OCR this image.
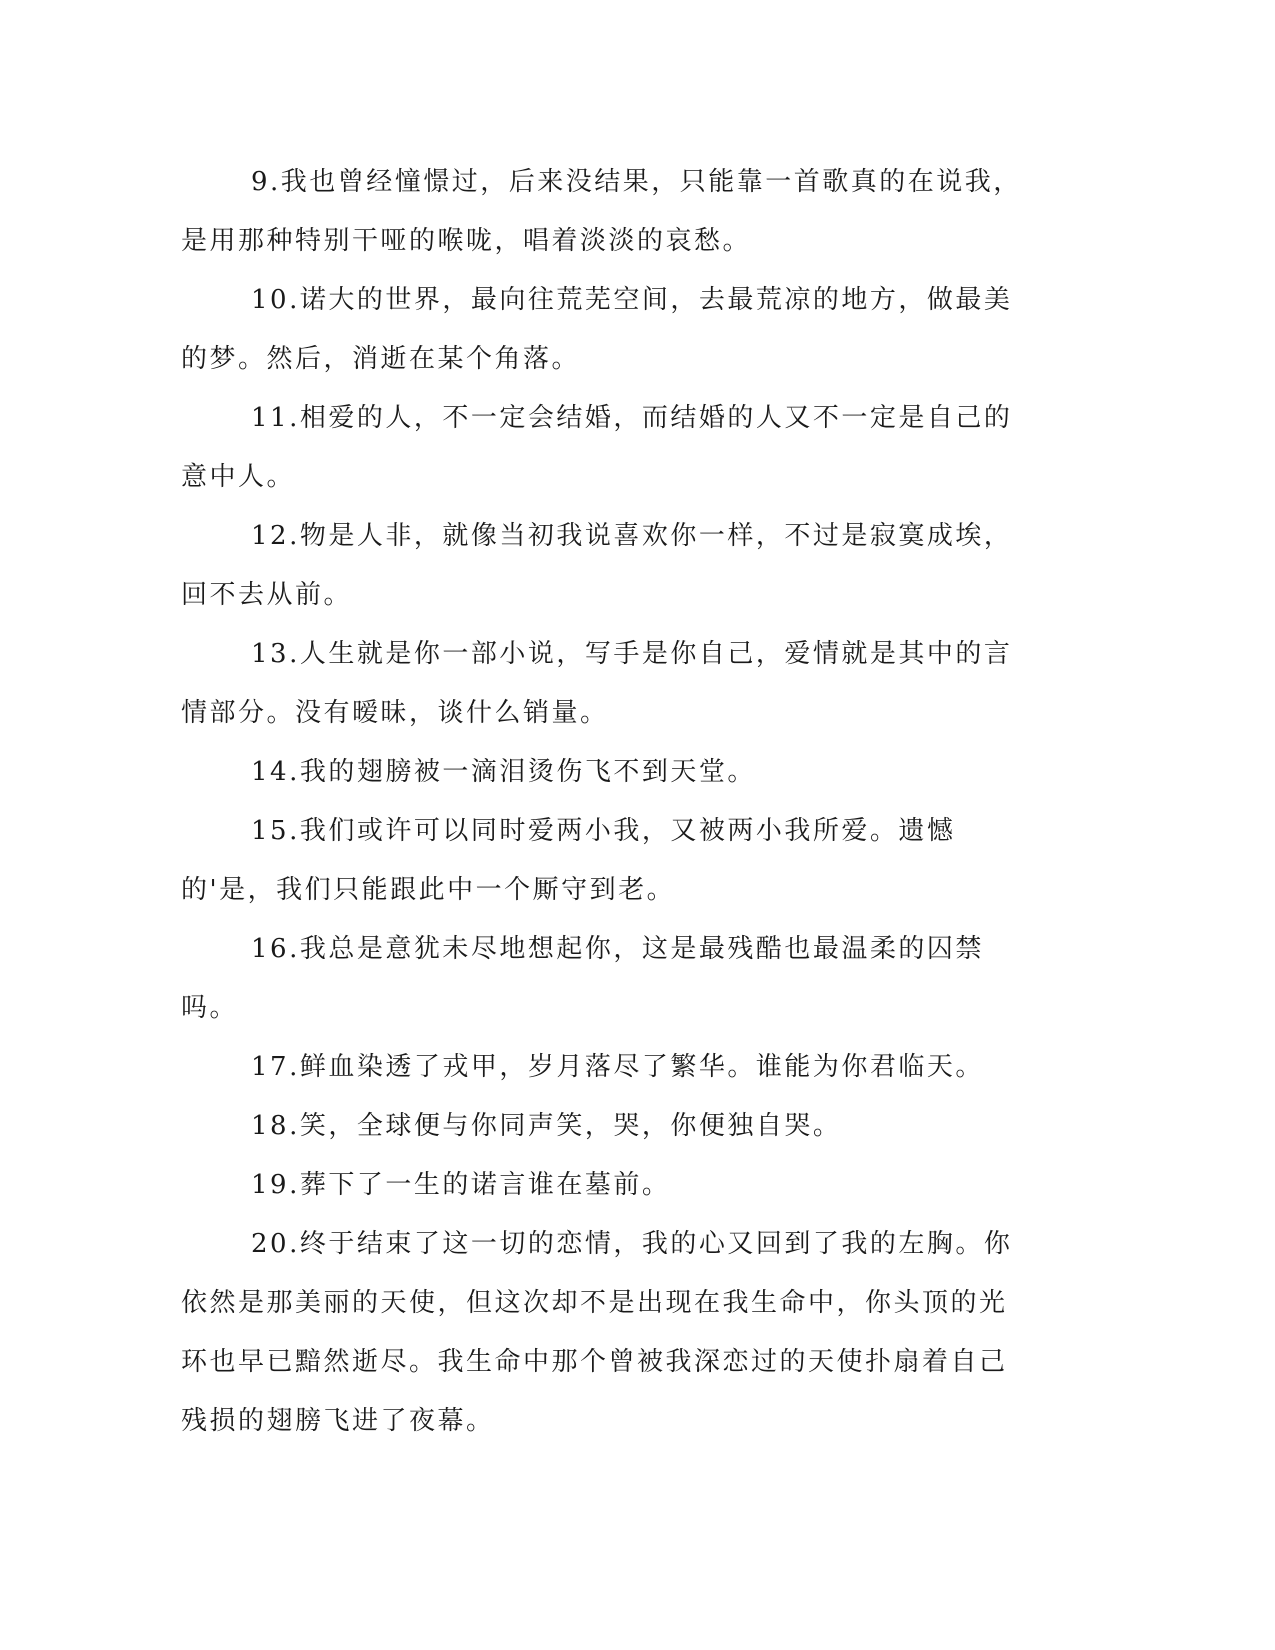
9.我也曾经憧憬过，后来没结果，只能靠一首歌真的在说我，是用那种特别干哑的喉咙，唱着淡淡的哀愁。

10.诺大的世界，最向往荒芜空间，去最荒凉的地方，做最美的梦。然后，消逝在某个角落。

11.相爱的人，不一定会结婚，而结婚的人又不一定是自己的意中人。

12.物是人非，就像当初我说喜欢你一样，不过是寂寞成埃，回不去从前。

13.人生就是你一部小说，写手是你自己，爱情就是其中的言情部分。没有暧昧，谈什么销量。

14.我的翅膀被一滴泪烫伤飞不到天堂。

15.我们或许可以同时爱两小我，又被两小我所爱。遗憾的'是，我们只能跟此中一个厮守到老。

16.我总是意犹未尽地想起你，这是最残酷也最温柔的囚禁吗。

17.鲜血染透了戎甲，岁月落尽了繁华。谁能为你君临天。

18.笑，全球便与你同声笑，哭，你便独自哭。

19.葬下了一生的诺言谁在墓前。

20.终于结束了这一切的恋情，我的心又回到了我的左胸。你依然是那美丽的天使，但这次却不是出现在我生命中，你头顶的光环也早已黯然逝尽。我生命中那个曾被我深恋过的天使扑扇着自己残损的翅膀飞进了夜幕。
